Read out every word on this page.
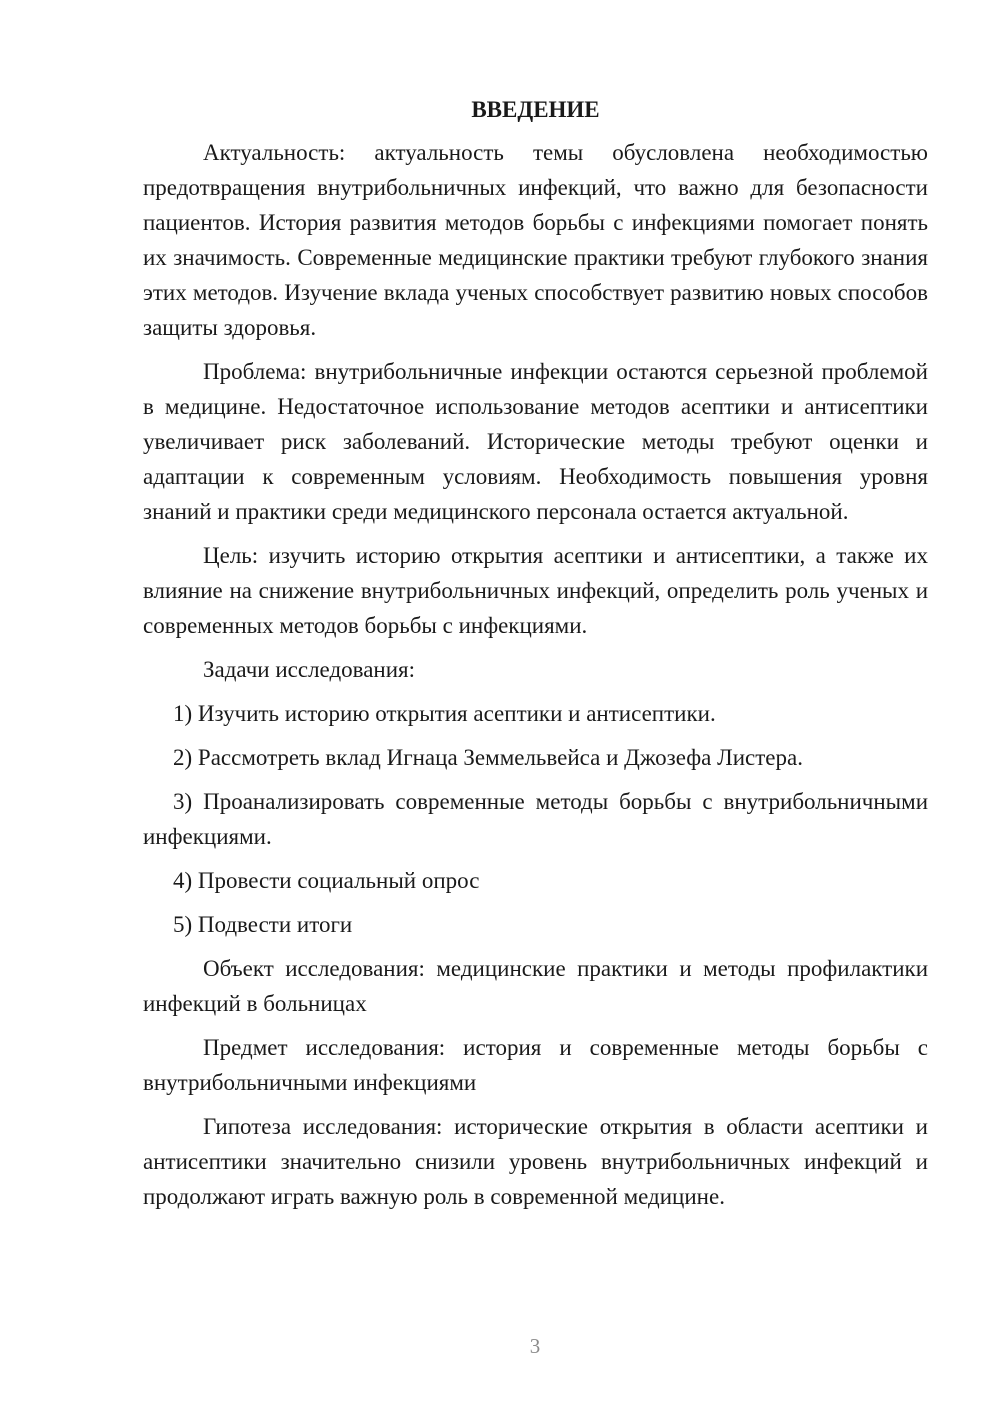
ВВЕДЕНИЕ

Актуальность: актуальность темы обусловлена необходимостью предотвращения внутрибольничных инфекций, что важно для безопасности пациентов. История развития методов борьбы с инфекциями помогает понять их значимость. Современные медицинские практики требуют глубокого знания этих методов. Изучение вклада ученых способствует развитию новых способов защиты здоровья.

Проблема: внутрибольничные инфекции остаются серьезной проблемой в медицине. Недостаточное использование методов асептики и антисептики увеличивает риск заболеваний. Исторические методы требуют оценки и адаптации к современным условиям. Необходимость повышения уровня знаний и практики среди медицинского персонала остается актуальной.

Цель: изучить историю открытия асептики и антисептики, а также их влияние на снижение внутрибольничных инфекций, определить роль ученых и современных методов борьбы с инфекциями.

Задачи исследования:

1) Изучить историю открытия асептики и антисептики.

2) Рассмотреть вклад Игнаца Земмельвейса и Джозефа Листера.

3) Проанализировать современные методы борьбы с внутрибольничными инфекциями.

4) Провести социальный опрос

5) Подвести итоги

Объект исследования: медицинские практики и методы профилактики инфекций в больницах

Предмет исследования: история и современные методы борьбы с внутрибольничными инфекциями

Гипотеза исследования: исторические открытия в области асептики и антисептики значительно снизили уровень внутрибольничных инфекций и продолжают играть важную роль в современной медицине.

3
